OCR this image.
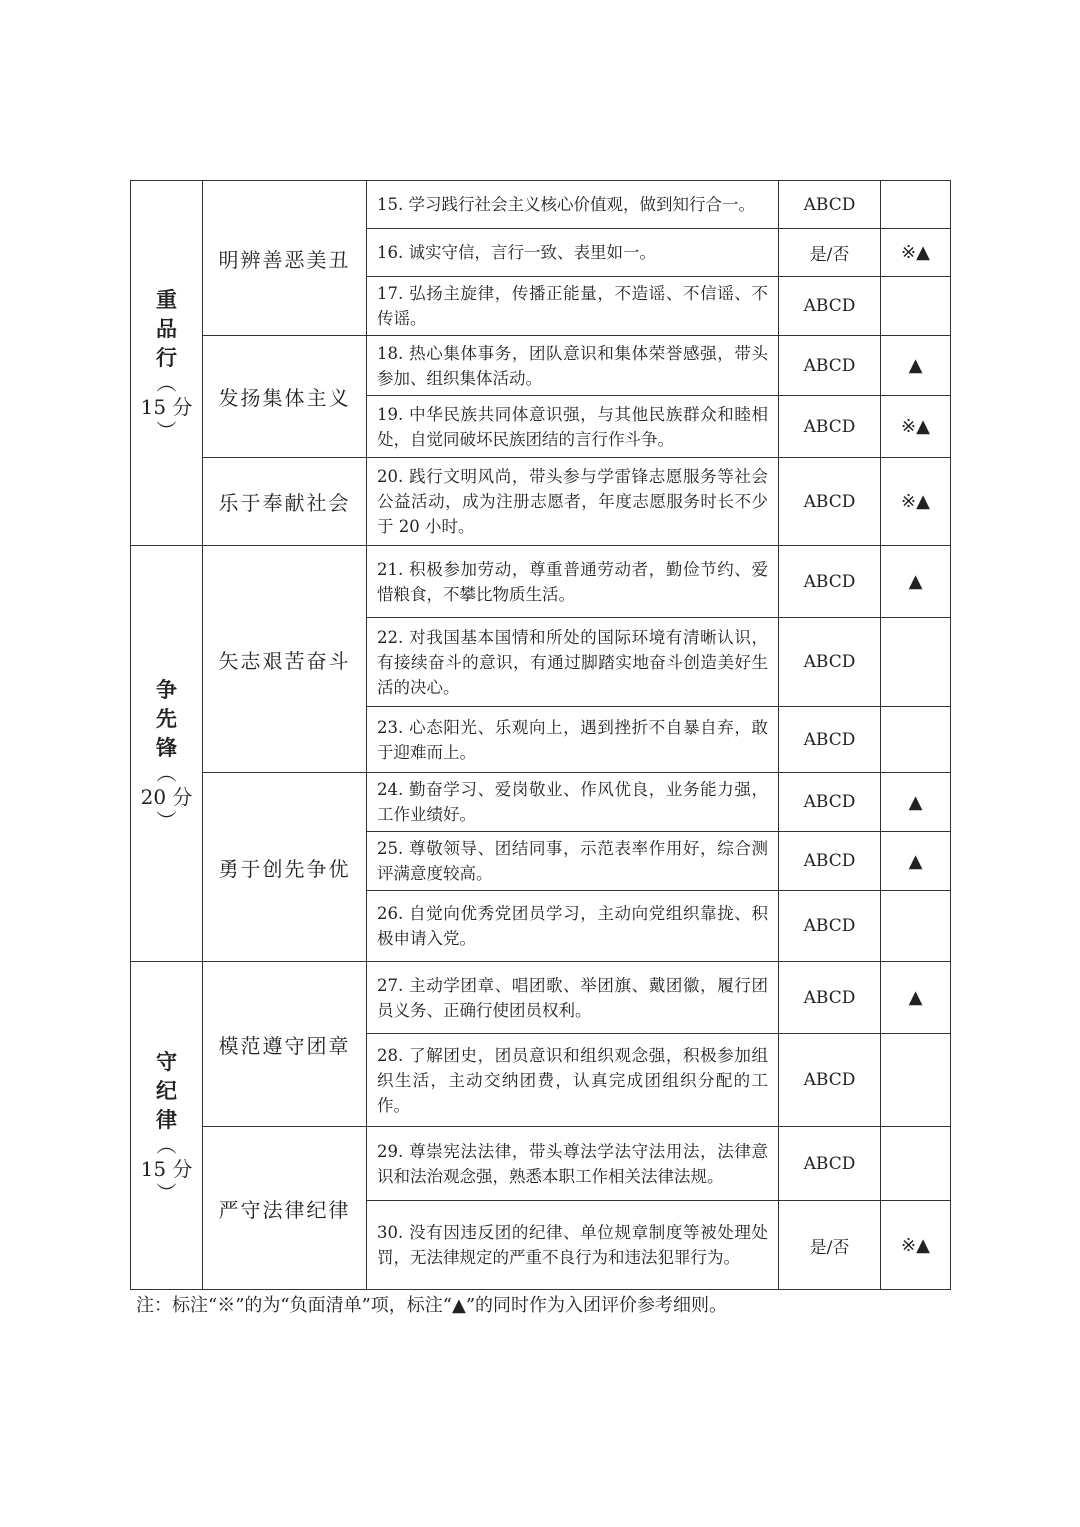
重品行
︵
15 分
︶	明辨善恶美丑	15. 学习践行社会主义核心价值观，做到知行合一。	ABCD	
		16. 诚实守信，言行一致、表里如一。	是/否	※▲
		17. 弘扬主旋律，传播正能量，不造谣、不信谣、不传谣。	ABCD	
	发扬集体主义	18. 热心集体事务，团队意识和集体荣誉感强，带头参加、组织集体活动。	ABCD	▲
		19. 中华民族共同体意识强，与其他民族群众和睦相处，自觉同破坏民族团结的言行作斗争。	ABCD	※▲
	乐于奉献社会	20. 践行文明风尚，带头参与学雷锋志愿服务等社会公益活动，成为注册志愿者，年度志愿服务时长不少于 20 小时。	ABCD	※▲
争先锋
︵
20 分
︶	矢志艰苦奋斗	21. 积极参加劳动，尊重普通劳动者，勤俭节约、爱惜粮食，不攀比物质生活。	ABCD	▲
		22. 对我国基本国情和所处的国际环境有清晰认识，有接续奋斗的意识，有通过脚踏实地奋斗创造美好生活的决心。	ABCD	
		23. 心态阳光、乐观向上，遇到挫折不自暴自弃，敢于迎难而上。	ABCD	
	勇于创先争优	24. 勤奋学习、爱岗敬业、作风优良，业务能力强，工作业绩好。	ABCD	▲
		25. 尊敬领导、团结同事，示范表率作用好，综合测评满意度较高。	ABCD	▲
		26. 自觉向优秀党团员学习，主动向党组织靠拢、积极申请入党。	ABCD	
守纪律
︵
15 分
︶	模范遵守团章	27. 主动学团章、唱团歌、举团旗、戴团徽，履行团员义务、正确行使团员权利。	ABCD	▲
		28. 了解团史，团员意识和组织观念强，积极参加组织生活，主动交纳团费，认真完成团组织分配的工作。	ABCD	
	严守法律纪律	29. 尊崇宪法法律，带头尊法学法守法用法，法律意识和法治观念强，熟悉本职工作相关法律法规。	ABCD	
		30. 没有因违反团的纪律、单位规章制度等被处理处罚，无法律规定的严重不良行为和违法犯罪行为。	是/否	※▲
注：标注“※”的为“负面清单”项，标注“▲”的同时作为入团评价参考细则。
